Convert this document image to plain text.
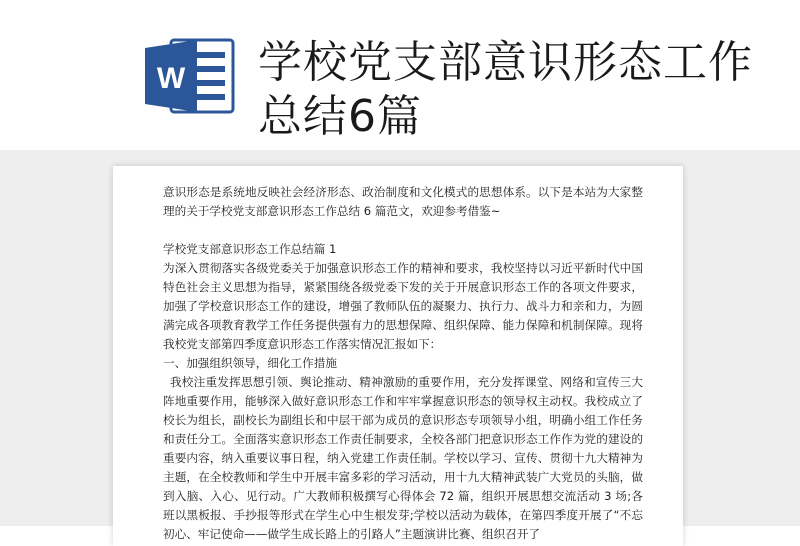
W 学校党支部意识形态工作总结6篇

意识形态是系统地反映社会经济形态、政治制度和文化模式的思想体系。以下是本站为大家整理的关于学校党支部意识形态工作总结 6 篇范文，欢迎参考借鉴~

学校党支部意识形态工作总结篇 1

为深入贯彻落实各级党委关于加强意识形态工作的精神和要求，我校坚持以习近平新时代中国特色社会主义思想为指导，紧紧围绕各级党委下发的关于开展意识形态工作的各项文件要求，加强了学校意识形态工作的建设，增强了教师队伍的凝聚力、执行力、战斗力和亲和力，为圆满完成各项教育教学工作任务提供强有力的思想保障、组织保障、能力保障和机制保障。现将我校党支部第四季度意识形态工作落实情况汇报如下：

一、加强组织领导，细化工作措施

我校注重发挥思想引领、舆论推动、精神激励的重要作用，充分发挥课堂、网络和宣传三大阵地重要作用，能够深入做好意识形态工作和牢牢掌握意识形态的领导权主动权。我校成立了校长为组长，副校长为副组长和中层干部为成员的意识形态专项领导小组，明确小组工作任务和责任分工。全面落实意识形态工作责任制要求，全校各部门把意识形态工作作为党的建设的重要内容，纳入重要议事日程，纳入党建工作责任制。学校以学习、宣传、贯彻十九大精神为主题，在全校教师和学生中开展丰富多彩的学习活动，用十九大精神武装广大党员的头脑，做到入脑、入心、见行动。广大教师积极撰写心得体会 72 篇，组织开展思想交流活动 3 场;各班以黑板报、手抄报等形式在学生心中生根发芽;学校以活动为载体，在第四季度开展了“不忘初心、牢记使命——做学生成长路上的引路人”主题演讲比赛、组织召开了
